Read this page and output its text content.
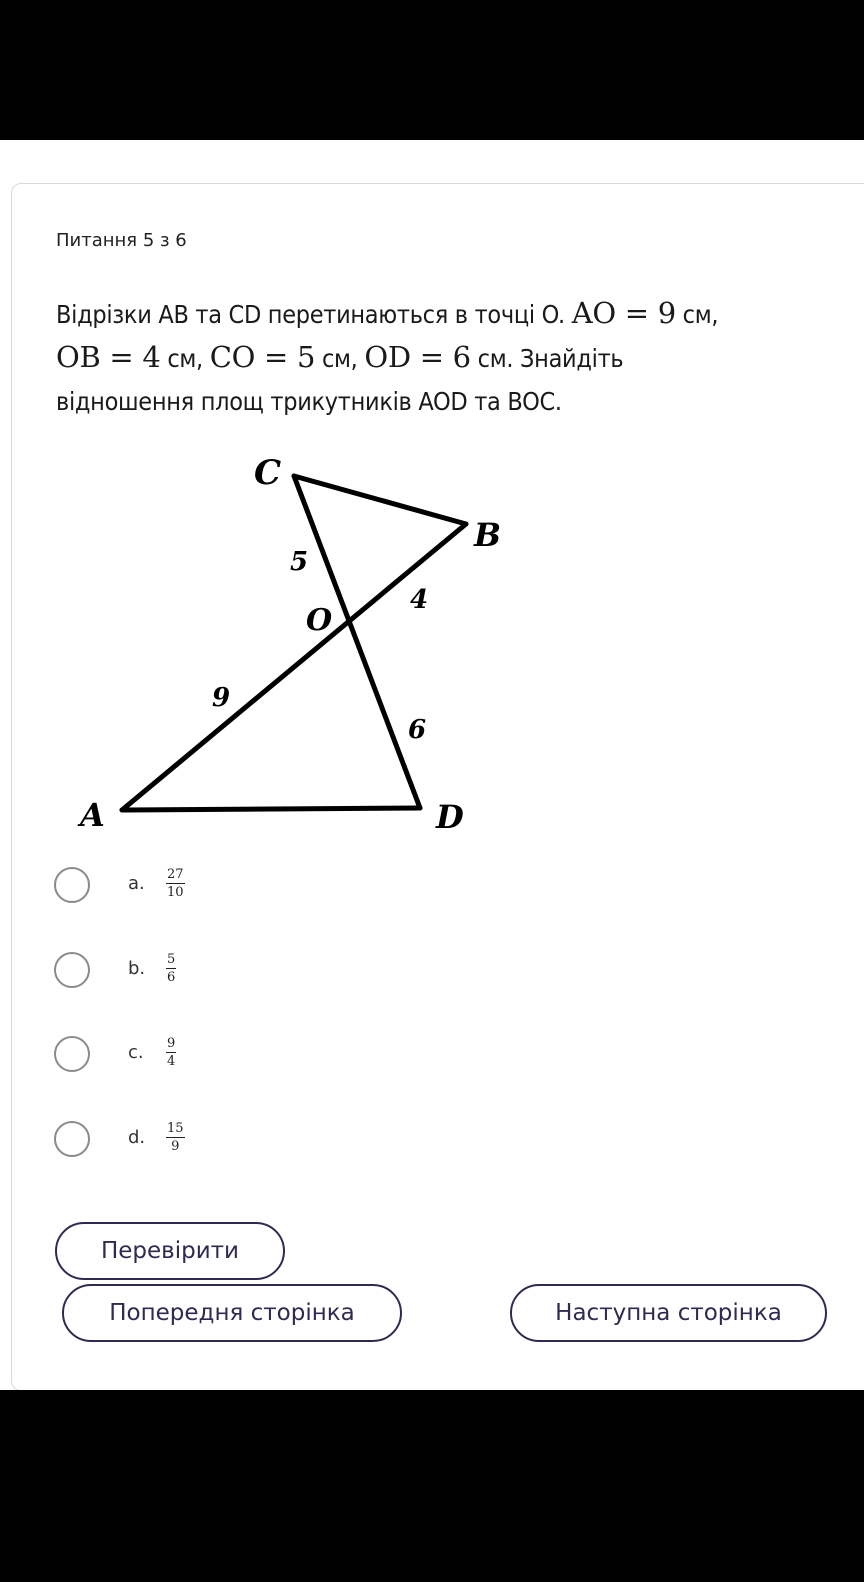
Питання 5 з 6
Відрізки AB та CD перетинаються в точці O. AO = 9 см,
OB = 4 см, CO = 5 см, OD = 6 см. Знайдіть
відношення площ трикутників AOD та BOC.
C
B
O
A	D
5
4
9
6
a. $\frac{27}{10}$
b. $\frac{5}{6}$
c. $\frac{9}{4}$
d. $\frac{15}{9}$
Перевірити
Попередня сторінка	Наступна сторінка
